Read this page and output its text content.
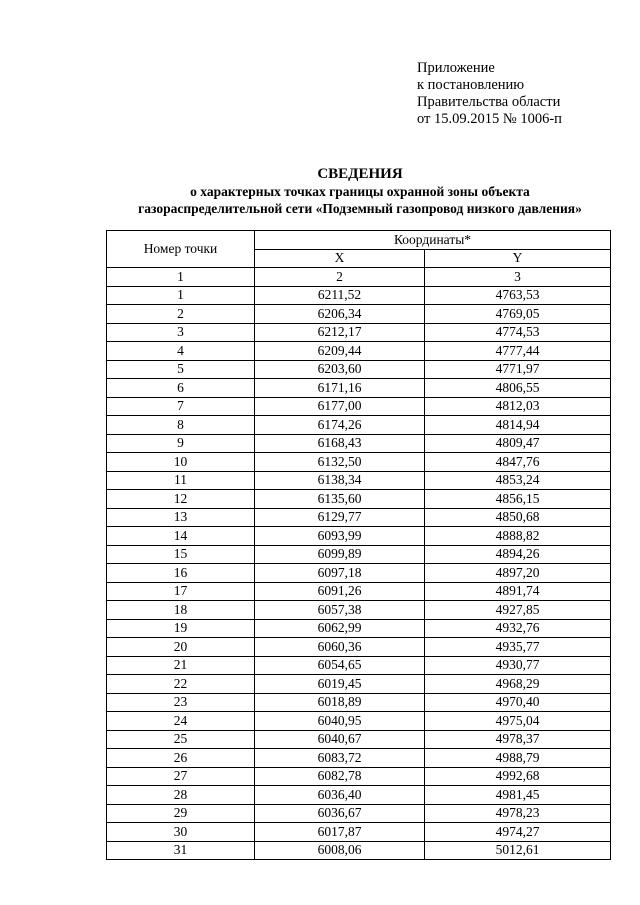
Приложение
к постановлению
Правительства области
от 15.09.2015 № 1006-п
СВЕДЕНИЯ
о характерных точках границы охранной зоны объекта
газораспределительной сети «Подземный газопровод низкого давления»
Номер точки	Координаты*	
	X	Y
1	2	3
1	6211,52	4763,53
2	6206,34	4769,05
3	6212,17	4774,53
4	6209,44	4777,44
5	6203,60	4771,97
6	6171,16	4806,55
7	6177,00	4812,03
8	6174,26	4814,94
9	6168,43	4809,47
10	6132,50	4847,76
11	6138,34	4853,24
12	6135,60	4856,15
13	6129,77	4850,68
14	6093,99	4888,82
15	6099,89	4894,26
16	6097,18	4897,20
17	6091,26	4891,74
18	6057,38	4927,85
19	6062,99	4932,76
20	6060,36	4935,77
21	6054,65	4930,77
22	6019,45	4968,29
23	6018,89	4970,40
24	6040,95	4975,04
25	6040,67	4978,37
26	6083,72	4988,79
27	6082,78	4992,68
28	6036,40	4981,45
29	6036,67	4978,23
30	6017,87	4974,27
31	6008,06	5012,61
